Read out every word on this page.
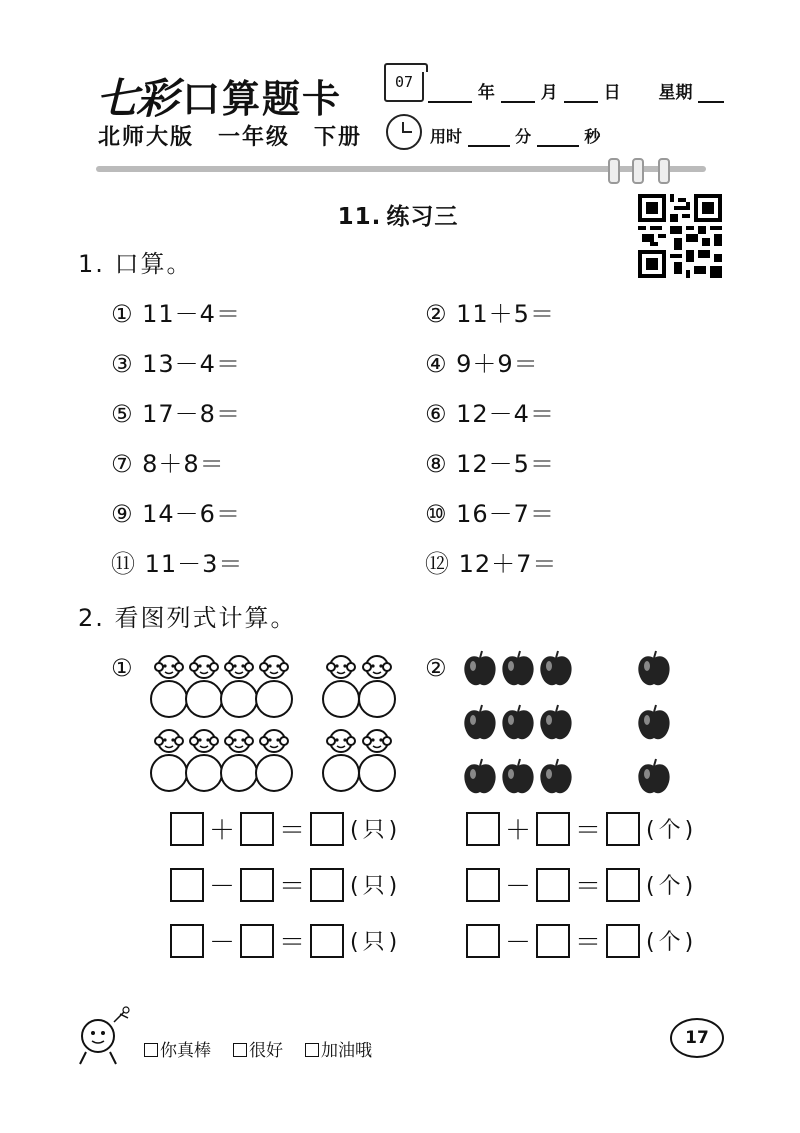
七彩 口算题卡	07
年	月	日 星期
北师大版　一年级　下册	用时	分	秒
11. 练习三
1. 口算。
① 11－4＝	② 11＋5＝
③ 13－4＝	④ 9＋9＝
⑤ 17－8＝	⑥ 12－4＝
⑦ 8＋8＝	⑧ 12－5＝
⑨ 14－6＝	⑩ 16－7＝
⑪ 11－3＝	⑫ 12＋7＝
2. 看图列式计算。
①	②
＋ ＝ (只)
－ ＝ (只)
－ ＝ (只)
＋ ＝ (个)
－ ＝ (个)
－ ＝ (个)
你真棒	很好	加油哦
17
